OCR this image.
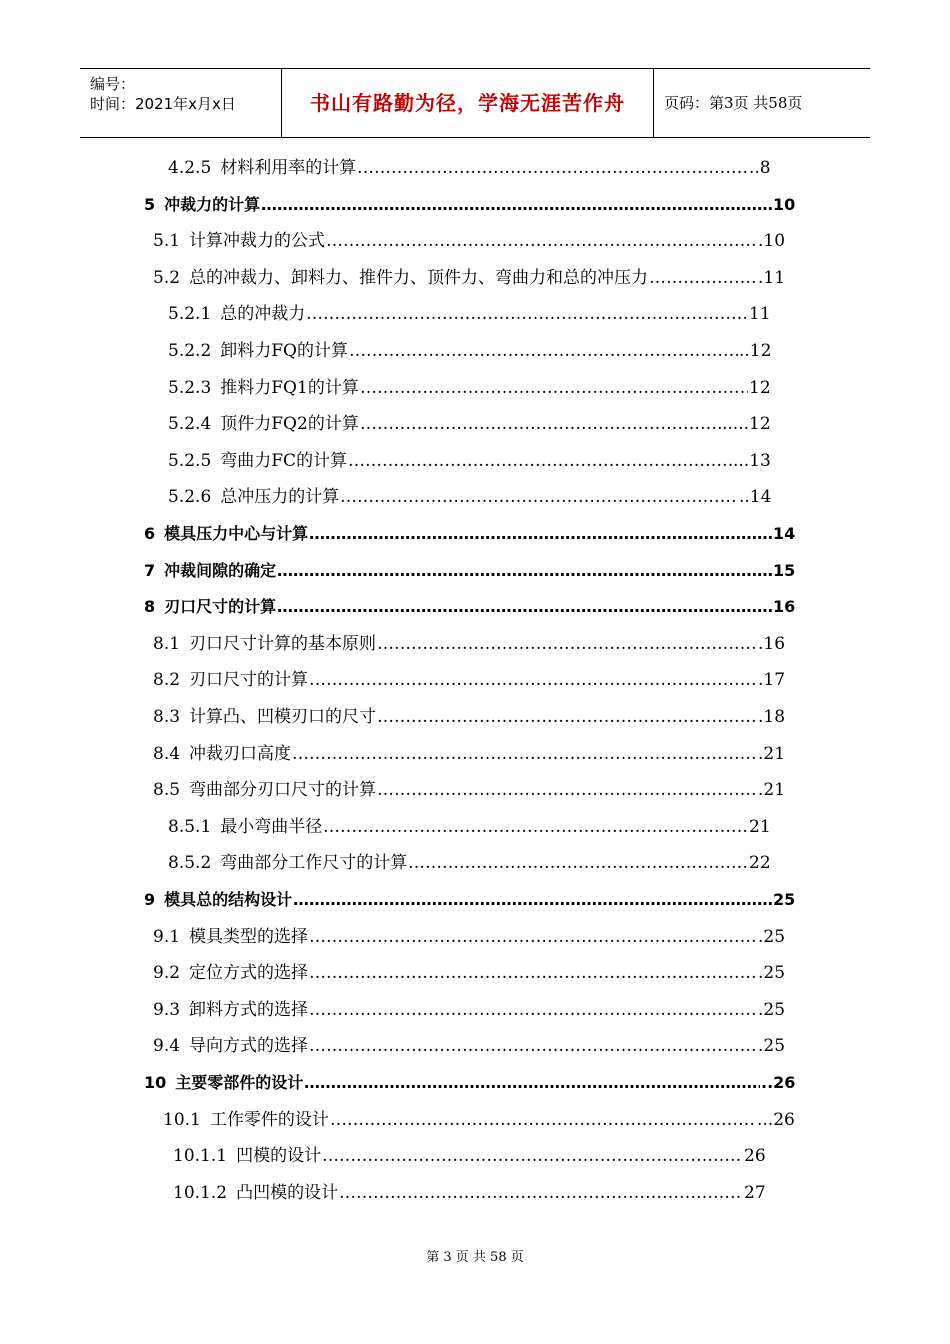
编号：
时间：2021年x月x日	书山有路勤为径，学海无涯苦作舟	页码：第3页 共58页
4.2.5 材料利用率的计算	..8
…………………………………………………………………………………………………………………………………
5 冲裁力的计算	10
…………………………………………………………………………………………………………………………………
5.1 计算冲裁力的公式	.10
…………………………………………………………………………………………………………………………………
5.2 总的冲裁力、卸料力、推件力、顶件力、弯曲力和总的冲压力	.11
…………………………………………………………………………………………………………………………………
5.2.1 总的冲裁力	11
…………………………………………………………………………………………………………………………………
5.2.2 卸料力FQ的计算	..12
…………………………………………………………………………………………………………………………………
5.2.3 推料力FQ1的计算	12
…………………………………………………………………………………………………………………………………
5.2.4 顶件力FQ2的计算	.....12
…………………………………………………………………………………………………………………………………
5.2.5 弯曲力FC的计算	...13
…………………………………………………………………………………………………………………………………
5.2.6 总冲压力的计算	..14
…………………………………………………………………………………………………………………………………
6 模具压力中心与计算	14
…………………………………………………………………………………………………………………………………
7 冲裁间隙的确定	15
…………………………………………………………………………………………………………………………………
8 刃口尺寸的计算	16
…………………………………………………………………………………………………………………………………
8.1 刃口尺寸计算的基本原则	.16
…………………………………………………………………………………………………………………………………
8.2 刃口尺寸的计算	.17
…………………………………………………………………………………………………………………………………
8.3 计算凸、凹模刃口的尺寸	.18
…………………………………………………………………………………………………………………………………
8.4 冲裁刃口高度	.21
…………………………………………………………………………………………………………………………………
8.5 弯曲部分刃口尺寸的计算	.21
…………………………………………………………………………………………………………………………………
8.5.1 最小弯曲半径	21
…………………………………………………………………………………………………………………………………
8.5.2 弯曲部分工作尺寸的计算	22
…………………………………………………………………………………………………………………………………
9 模具总的结构设计	25
…………………………………………………………………………………………………………………………………
9.1 模具类型的选择	.25
…………………………………………………………………………………………………………………………………
9.2 定位方式的选择	.25
…………………………………………………………………………………………………………………………………
9.3 卸料方式的选择	.25
…………………………………………………………………………………………………………………………………
9.4 导向方式的选择	.25
…………………………………………………………………………………………………………………………………
10 主要零部件的设计	..26
…………………………………………………………………………………………………………………………………
10.1 工作零件的设计	...26
…………………………………………………………………………………………………………………………………
10.1.1 凹模的设计	26
…………………………………………………………………………………………………………………………………
10.1.2 凸凹模的设计	27
…………………………………………………………………………………………………………………………………
第 3 页 共 58 页
